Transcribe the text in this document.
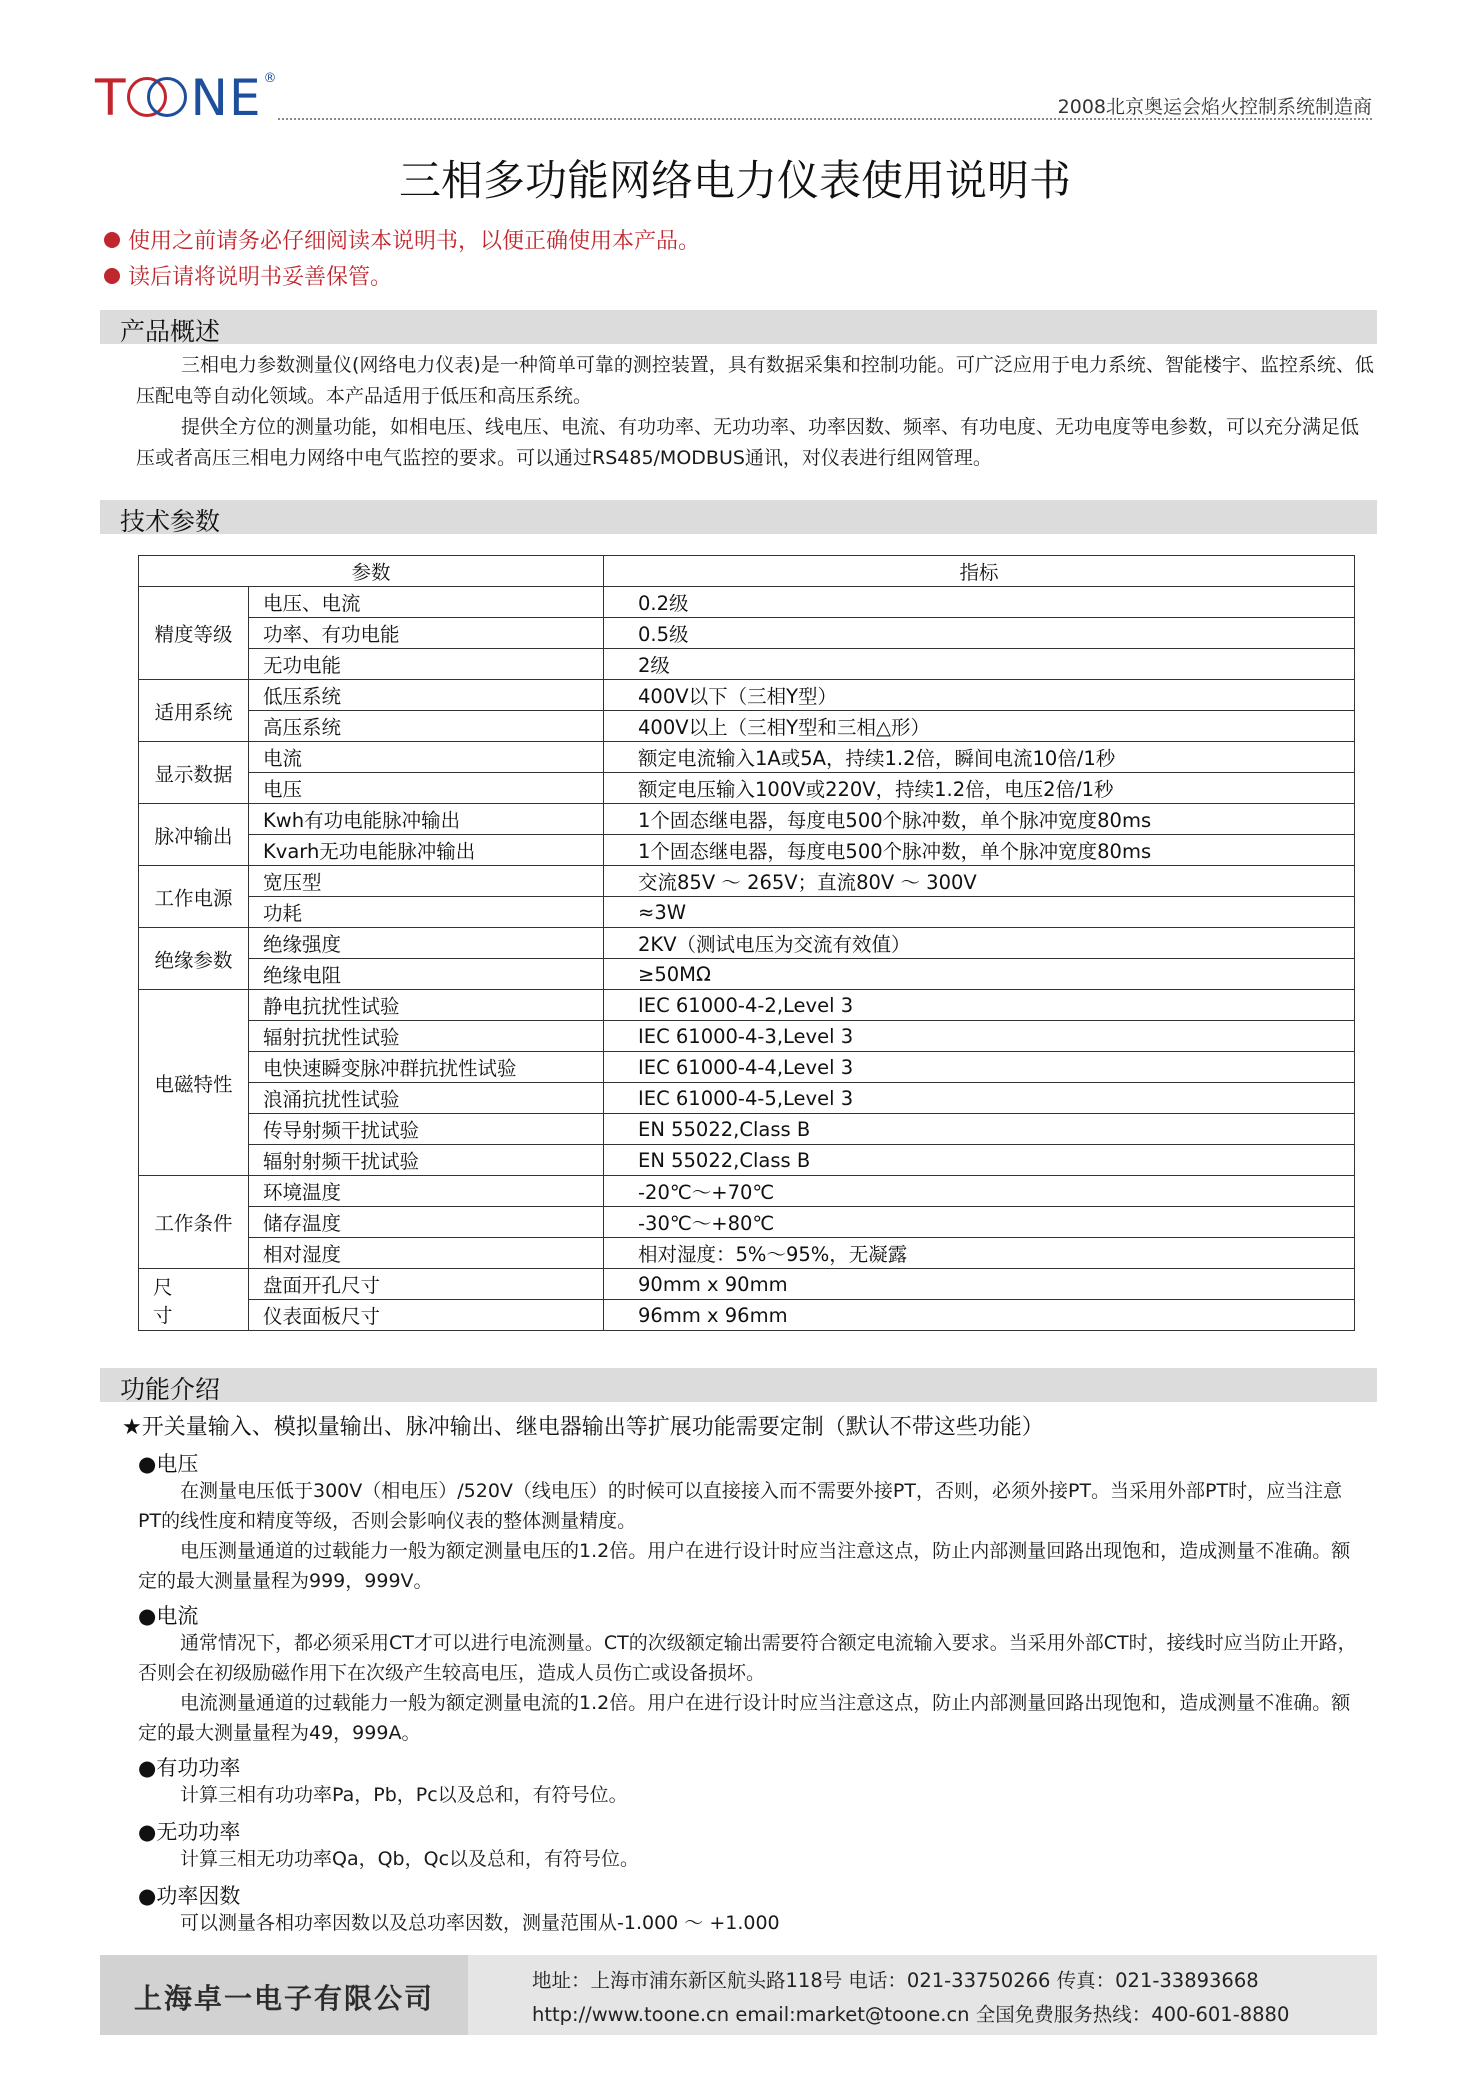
T NE ®
2008北京奥运会焰火控制系统制造商
三相多功能网络电力仪表使用说明书
使用之前请务必仔细阅读本说明书，以便正确使用本产品。
读后请将说明书妥善保管。
产品概述

三相电力参数测量仪(网络电力仪表)是一种简单可靠的测控装置，具有数据采集和控制功能。可广泛应用于电力系统、智能楼宇、监控系统、低压配电等自动化领域。本产品适用于低压和高压系统。

提供全方位的测量功能，如相电压、线电压、电流、有功功率、无功功率、功率因数、频率、有功电度、无功电度等电参数，可以充分满足低压或者高压三相电力网络中电气监控的要求。可以通过RS485/MODBUS通讯，对仪表进行组网管理。

技术参数
参数		指标
精度等级	电压、电流	0.2级
	功率、有功电能	0.5级
	无功电能	2级
适用系统	低压系统	400V以下（三相Y型）
	高压系统	400V以上（三相Y型和三相△形）
显示数据	电流	额定电流输入1A或5A，持续1.2倍，瞬间电流10倍/1秒
	电压	额定电压输入100V或220V，持续1.2倍，电压2倍/1秒
脉冲输出	Kwh有功电能脉冲输出	1个固态继电器，每度电500个脉冲数，单个脉冲宽度80ms
	Kvarh无功电能脉冲输出	1个固态继电器，每度电500个脉冲数，单个脉冲宽度80ms
工作电源	宽压型	交流85V ～ 265V；直流80V ～ 300V
	功耗	≈3W
绝缘参数	绝缘强度	2KV（测试电压为交流有效值）
	绝缘电阻	≥50MΩ
电磁特性	静电抗扰性试验	IEC 61000-4-2,Level 3
	辐射抗扰性试验	IEC 61000-4-3,Level 3
	电快速瞬变脉冲群抗扰性试验	IEC 61000-4-4,Level 3
	浪涌抗扰性试验	IEC 61000-4-5,Level 3
	传导射频干扰试验	EN 55022,Class B
	辐射射频干扰试验	EN 55022,Class B
工作条件	环境温度	-20℃～+70℃
	储存温度	-30℃～+80℃
	相对湿度	相对湿度：5%～95%，无凝露
尺寸	盘面开孔尺寸	90mm x 90mm
	仪表面板尺寸	96mm x 96mm
功能介绍
★开关量输入、模拟量输出、脉冲输出、继电器输出等扩展功能需要定制（默认不带这些功能）
●电压

在测量电压低于300V（相电压）/520V（线电压）的时候可以直接接入而不需要外接PT，否则，必须外接PT。当采用外部PT时，应当注意PT的线性度和精度等级，否则会影响仪表的整体测量精度。

电压测量通道的过载能力一般为额定测量电压的1.2倍。用户在进行设计时应当注意这点，防止内部测量回路出现饱和，造成测量不准确。额定的最大测量量程为999，999V。

●电流

通常情况下，都必须采用CT才可以进行电流测量。CT的次级额定输出需要符合额定电流输入要求。当采用外部CT时，接线时应当防止开路，否则会在初级励磁作用下在次级产生较高电压，造成人员伤亡或设备损坏。

电流测量通道的过载能力一般为额定测量电流的1.2倍。用户在进行设计时应当注意这点，防止内部测量回路出现饱和，造成测量不准确。额定的最大测量量程为49，999A。

●有功功率

计算三相有功功率Pa，Pb，Pc以及总和，有符号位。

●无功功率

计算三相无功功率Qa，Qb，Qc以及总和，有符号位。

●功率因数

可以测量各相功率因数以及总功率因数，测量范围从-1.000 ～ +1.000

上海卓一电子有限公司
地址：上海市浦东新区航头路118号 电话：021-33750266 传真：021-33893668
http://www.toone.cn email:market@toone.cn 全国免费服务热线：400-601-8880
